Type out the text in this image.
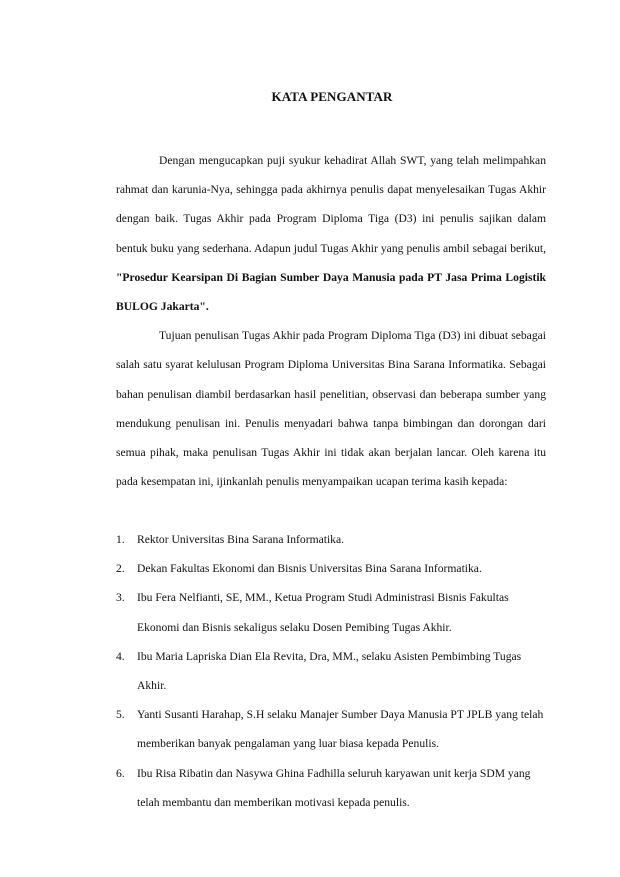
KATA PENGANTAR

Dengan mengucapkan puji syukur kehadirat Allah SWT, yang telah melimpahkan rahmat dan karunia-Nya, sehingga pada akhirnya penulis dapat menyelesaikan Tugas Akhir dengan baik. Tugas Akhir pada Program Diploma Tiga (D3) ini penulis sajikan dalam bentuk buku yang sederhana. Adapun judul Tugas Akhir yang penulis ambil sebagai berikut, "Prosedur Kearsipan Di Bagian Sumber Daya Manusia pada PT Jasa Prima Logistik BULOG Jakarta".

Tujuan penulisan Tugas Akhir pada Program Diploma Tiga (D3) ini dibuat sebagai salah satu syarat kelulusan Program Diploma Universitas Bina Sarana Informatika. Sebagai bahan penulisan diambil berdasarkan hasil penelitian, observasi dan beberapa sumber yang mendukung penulisan ini. Penulis menyadari bahwa tanpa bimbingan dan dorongan dari semua pihak, maka penulisan Tugas Akhir ini tidak akan berjalan lancar. Oleh karena itu pada kesempatan ini, ijinkanlah penulis menyampaikan ucapan terima kasih kepada:

1. Rektor Universitas Bina Sarana Informatika.
2. Dekan Fakultas Ekonomi dan Bisnis Universitas Bina Sarana Informatika.
3. Ibu Fera Nelfianti, SE, MM., Ketua Program Studi Administrasi Bisnis Fakultas Ekonomi dan Bisnis sekaligus selaku Dosen Pemibing Tugas Akhir.
4. Ibu Maria Lapriska Dian Ela Revita, Dra, MM., selaku Asisten Pembimbing Tugas Akhir.
5. Yanti Susanti Harahap, S.H selaku Manajer Sumber Daya Manusia PT JPLB yang telah memberikan banyak pengalaman yang luar biasa kepada Penulis.
6. Ibu Risa Ribatin dan Nasywa Ghina Fadhilla seluruh karyawan unit kerja SDM yang telah membantu dan memberikan motivasi kepada penulis.
